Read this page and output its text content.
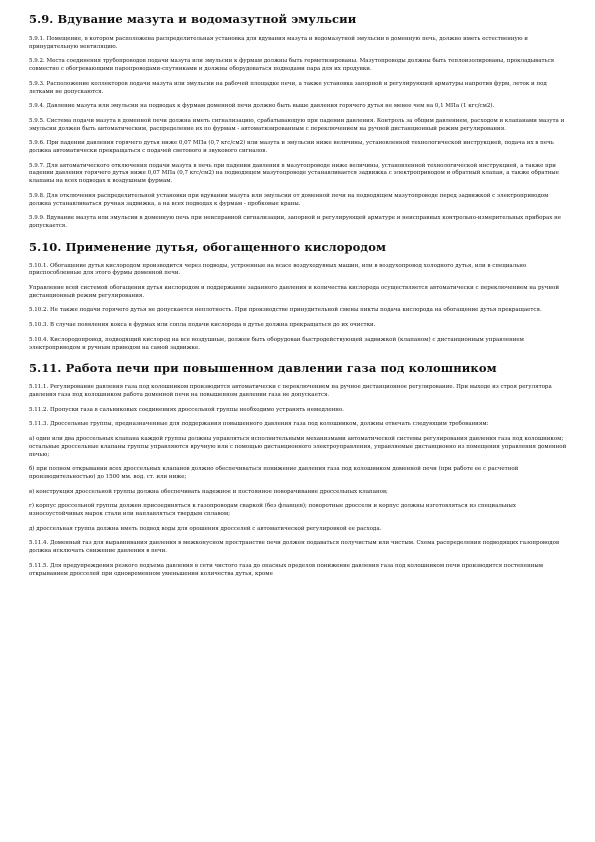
5.9. Вдувание мазута и водомазутной эмульсии

5.9.1. Помещение, в котором расположена распределительная установка для вдувания мазута и водомазутной эмульсии в доменную печь, должно иметь естественную и принудительную вентиляцию.

5.9.2. Места соединения трубопроводов подачи мазута или эмульсии к фурмам должны быть герметизированы. Мазутопроводы должны быть теплоизолированы, прокладываться совместно с обогревающими паропроводами-спутниками и должны оборудоваться подводами пара для их продувки.

5.9.3. Расположение коллекторов подачи мазута или эмульсии на рабочей площадке печи, а также установка запорной и регулирующей арматуры напротив фурм, леток и под летками не допускаются.

5.9.4. Давление мазута или эмульсии на подводах к фурмам доменной печи должно быть выше давления горячего дутья не менее чем на 0,1 МПа (1 кгс/см2).

5.9.5. Система подачи мазута в доменной печи должна иметь сигнализацию, срабатывающую при падении давления. Контроль за общим давлением, расходом и клапанами мазута и эмульсии должен быть автоматическим, распределение их по фурмам - автоматизированным с переключением на ручной дистанционный режим регулирования.

5.9.6. При падении давления горячего дутья ниже 0,07 МПа (0,7 кгс/см2) или мазута и эмульсии ниже величины, установленной технологической инструкцией, подача их в печь должна автоматически прекращаться с подачей светового и звукового сигналов.

5.9.7. Для автоматического отключения подачи мазута в печь при падении давления в мазутопроводе ниже величины, установленной технологической инструкцией, а также при падении давления горячего дутья ниже 0,07 МПа (0,7 кгс/см2) на подводящем мазутопроводе устанавливается задвижка с электроприводом и обратный клапан, а также обратные клапаны на всех подводах к воздушным фурмам.

5.9.8. Для отключения распределительной установки при вдувании мазута или эмульсии от доменной печи на подводящем мазутопроводе перед задвижкой с электроприводом должна устанавливаться ручная задвижка, а на всех подводах к фурмам - пробковые краны.

5.9.9. Вдувание мазута или эмульсии в доменную печь при неисправной сигнализации, запорной и регулирующей арматуре и неисправных контрольно-измерительных приборах не допускается.

5.10. Применение дутья, обогащенного кислородом

5.10.1. Обогащение дутья кислородом производится через подводы, устроенные на всасе воздуходувных машин, или в воздухопровод холодного дутья, или в специально приспособленные для этого фурмы доменной печи.

Управление всей системой обогащения дутья кислородом и поддержание заданного давления и количества кислорода осуществляется автоматически с переключением на ручной дистанционный режим регулирования.

5.10.2. Не также подачи горячего дутья не допускается неплотность. При производстве принудительной смены пикты подача кислорода на обогащение дутья прекращается.

5.10.3. В случае появления кокса в фурмах или сопла подачи кислорода в дутье должна прекращаться до их очистки.

5.10.4. Кислородопровод, подводящий кислород на все воздушные, должен быть оборудован быстродействующей задвижкой (клапаном) с дистанционным управлением электроприводом и ручным приводом на самой задвижке.

5.11. Работа печи при повышенном давлении газа под колошником

5.11.1. Регулирование давления газа под колошником производится автоматически с переключением на ручное дистанционное регулирование. При выходе из строя регулятора давления газа под колошником работа доменной печи на повышенном давлении газа не допускается.

5.11.2. Пропуски газа в сальниковых соединениях дроссельной группы необходимо устранять немедленно.

5.11.3. Дроссельные группы, предназначенные для поддержания повышенного давления газа под колошником, должны отвечать следующим требованиям:

а) один или два дроссельных клапана каждой группы должны управляться исполнительными механизмами автоматической системы регулирования давления газа под колошником; остальные дроссельные клапаны группы управляются вручную или с помощью дистанционного электроуправления, управляемые дистанционно из помещения управления доменной печью;

б) при полном открывании всех дроссельных клапанов должно обеспечиваться понижение давления газа под колошником доменной печи (при работе ее с расчетной производительностью) до 1500 мм. вод. ст. или ниже;

в) конструкция дроссельной группы должна обеспечивать надежное и постоянное поворачивание дроссельных клапанов;

г) корпус дроссельной группы должен присоединяться к газопроводам сваркой (без фланцев); поворотные дроссели и корпус должны изготовляться из специальных износоустойчивых марок стали или наплавляться твердым сплавом;

д) дроссельная группа должна иметь подвод воды для орошения дросселей с автоматической регулировкой ее расхода.

5.11.4. Доменный газ для выравнивания давления в межконусном пространстве печи должен подаваться получистым или чистым. Схема распределения подводящих газопроводов должна исключать снижение давления в печи.

5.11.5. Для предупреждения резкого подъема давления в сети чистого газа до опасных пределов понижение давления газа под колошником печи производится постепенным открыванием дросселей при одновременном уменьшении количества дутья, кроме
